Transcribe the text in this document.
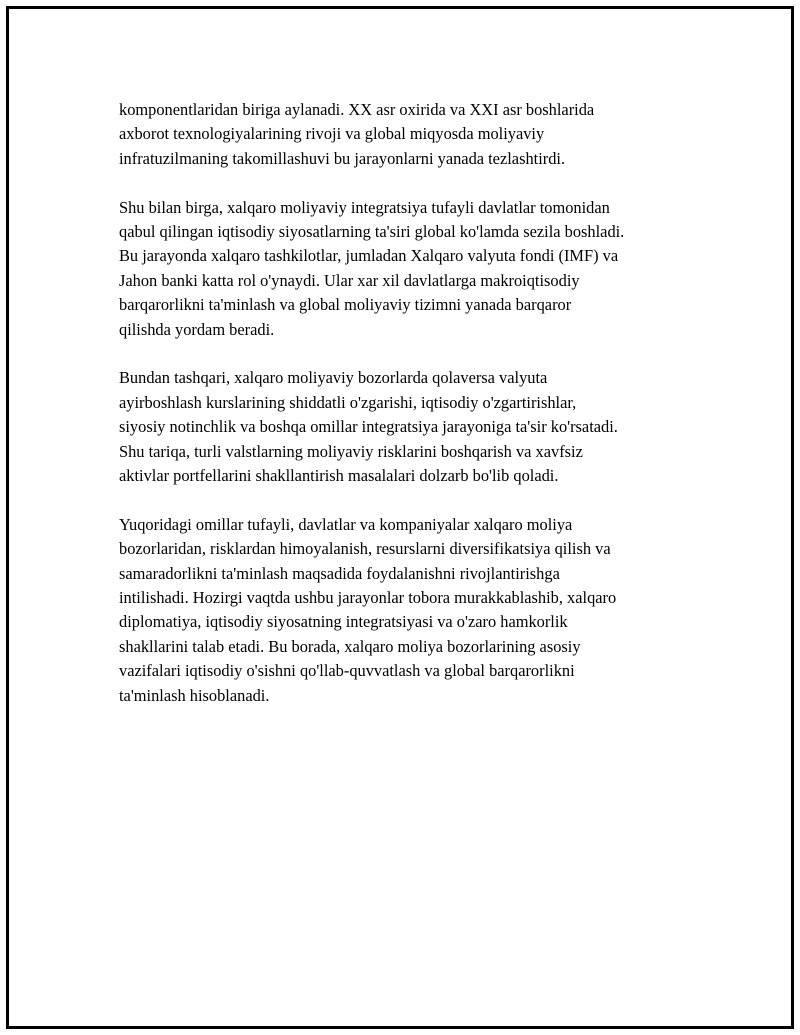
komponentlaridan biriga aylanadi. XX asr oxirida va XXI asr boshlarida
axborot texnologiyalarining rivoji va global miqyosda moliyaviy
infratuzilmaning takomillashuvi bu jarayonlarni yanada tezlashtirdi.

Shu bilan birga, xalqaro moliyaviy integratsiya tufayli davlatlar tomonidan
qabul qilingan iqtisodiy siyosatlarning ta'siri global ko'lamda sezila boshladi.
Bu jarayonda xalqaro tashkilotlar, jumladan Xalqaro valyuta fondi (IMF) va
Jahon banki katta rol o'ynaydi. Ular xar xil davlatlarga makroiqtisodiy
barqarorlikni ta'minlash va global moliyaviy tizimni yanada barqaror
qilishda yordam beradi.

Bundan tashqari, xalqaro moliyaviy bozorlarda qolaversa valyuta
ayirboshlash kurslarining shiddatli o'zgarishi, iqtisodiy o'zgartirishlar,
siyosiy notinchlik va boshqa omillar integratsiya jarayoniga ta'sir ko'rsatadi.
Shu tariqa, turli valstlarning moliyaviy risklarini boshqarish va xavfsiz
aktivlar portfellarini shakllantirish masalalari dolzarb bo'lib qoladi.

Yuqoridagi omillar tufayli, davlatlar va kompaniyalar xalqaro moliya
bozorlaridan, risklardan himoyalanish, resurslarni diversifikatsiya qilish va
samaradorlikni ta'minlash maqsadida foydalanishni rivojlantirishga
intilishadi. Hozirgi vaqtda ushbu jarayonlar tobora murakkablashib, xalqaro
diplomatiya, iqtisodiy siyosatning integratsiyasi va o'zaro hamkorlik
shakllarini talab etadi. Bu borada, xalqaro moliya bozorlarining asosiy
vazifalari iqtisodiy o'sishni qo'llab-quvvatlash va global barqarorlikni
ta'minlash hisoblanadi.
